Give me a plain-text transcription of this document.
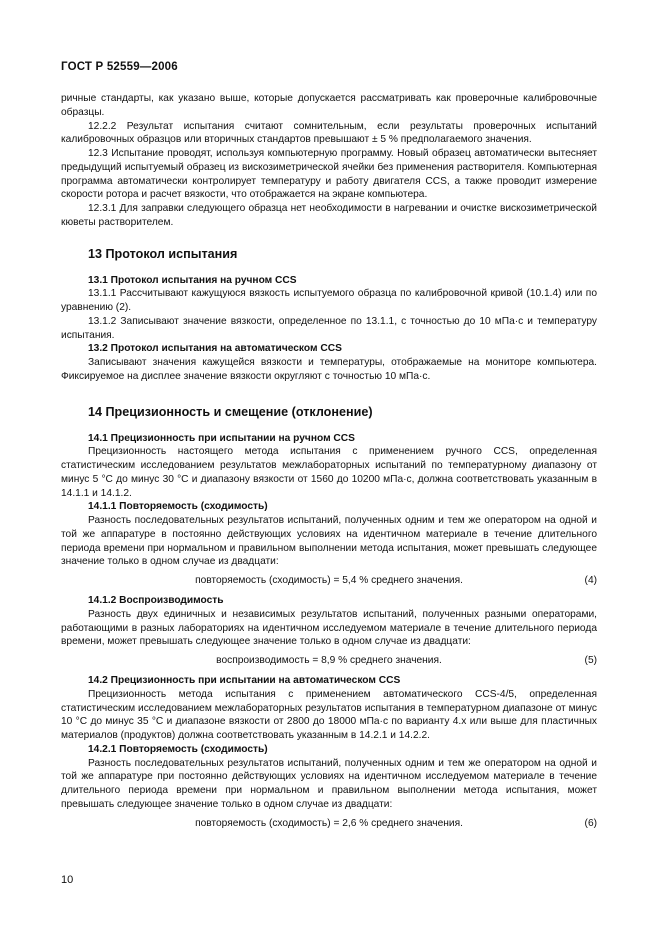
ГОСТ Р 52559—2006

ричные стандарты, как указано выше, которые допускается рассматривать как проверочные калибровочные образцы.

12.2.2 Результат испытания считают сомнительным, если результаты проверочных испытаний калибровочных образцов или вторичных стандартов превышают ± 5 % предполагаемого значения.

12.3 Испытание проводят, используя компьютерную программу. Новый образец автоматически вытесняет предыдущий испытуемый образец из вискозиметрической ячейки без применения растворителя. Компьютерная программа автоматически контролирует температуру и работу двигателя CCS, а также проводит измерение скорости ротора и расчет вязкости, что отображается на экране компьютера.

12.3.1 Для заправки следующего образца нет необходимости в нагревании и очистке вискозиметрической кюветы растворителем.

13 Протокол испытания

13.1 Протокол испытания на ручном CCS

13.1.1 Рассчитывают кажущуюся вязкость испытуемого образца по калибровочной кривой (10.1.4) или по уравнению (2).

13.1.2 Записывают значение вязкости, определенное по 13.1.1, с точностью до 10 мПа·с и температуру испытания.

13.2 Протокол испытания на автоматическом CCS

Записывают значения кажущейся вязкости и температуры, отображаемые на мониторе компьютера. Фиксируемое на дисплее значение вязкости округляют с точностью 10 мПа·с.

14 Прецизионность и смещение (отклонение)

14.1 Прецизионность при испытании на ручном CCS

Прецизионность настоящего метода испытания с применением ручного CCS, определенная статистическим исследованием результатов межлабораторных испытаний по температурному диапазону от минус 5 °С до минус 30 °С и диапазону вязкости от 1560 до 10200 мПа·с, должна соответствовать указанным в 14.1.1 и 14.1.2.

14.1.1 Повторяемость (сходимость)

Разность последовательных результатов испытаний, полученных одним и тем же оператором на одной и той же аппаратуре в постоянно действующих условиях на идентичном материале в течение длительного периода времени при нормальном и правильном выполнении метода испытания, может превышать следующее значение только в одном случае из двадцати:

повторяемость (сходимость) = 5,4 % среднего значения.	(4)

14.1.2 Воспроизводимость

Разность двух единичных и независимых результатов испытаний, полученных разными операторами, работающими в разных лабораториях на идентичном исследуемом материале в течение длительного периода времени, может превышать следующее значение только в одном случае из двадцати:

воспроизводимость = 8,9 % среднего значения.	(5)

14.2 Прецизионность при испытании на автоматическом CCS

Прецизионность метода испытания с применением автоматического CCS-4/5, определенная статистическим исследованием межлабораторных результатов испытания в температурном диапазоне от минус 10 °С до минус 35 °С и диапазоне вязкости от 2800 до 18000 мПа·с по варианту 4.х или выше для пластичных материалов (продуктов) должна соответствовать указанным в 14.2.1 и 14.2.2.

14.2.1 Повторяемость (сходимость)

Разность последовательных результатов испытаний, полученных одним и тем же оператором на одной и той же аппаратуре при постоянно действующих условиях на идентичном исследуемом материале в течение длительного периода времени при нормальном и правильном выполнении метода испытания, может превышать следующее значение только в одном случае из двадцати:

повторяемость (сходимость) = 2,6 % среднего значения.	(6)
10
